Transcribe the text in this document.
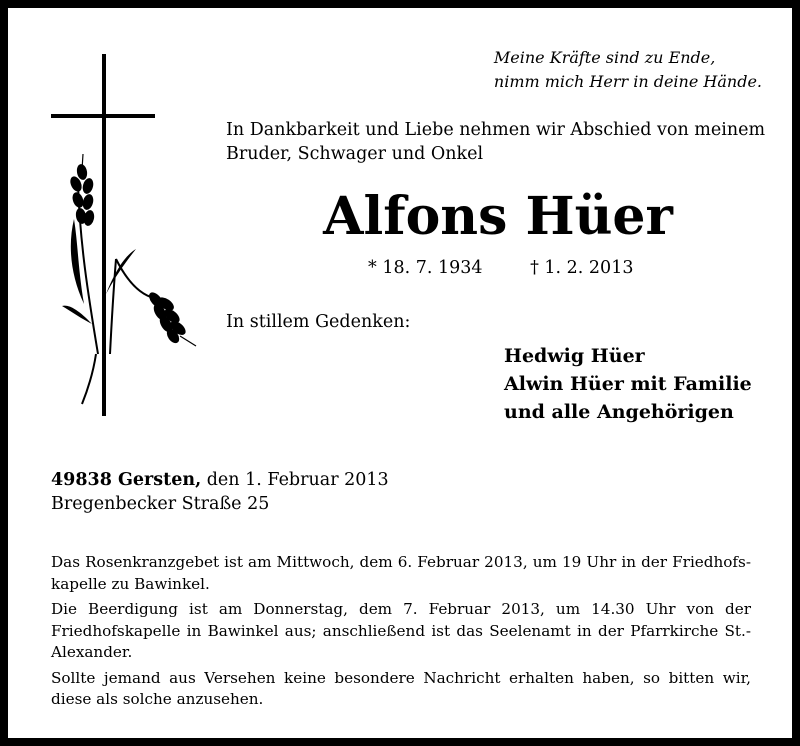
Meine Kräfte sind zu Ende,
nimm mich Herr in deine Hände.
In Dankbarkeit und Liebe nehmen wir Abschied von meinem
Bruder, Schwager und Onkel
Alfons Hüer
* 18. 7. 1934	† 1. 2. 2013
In stillem Gedenken:
Hedwig Hüer
Alwin Hüer mit Familie
und alle Angehörigen
49838 Gersten, den 1. Februar 2013
Bregenbecker Straße 25

Das Rosenkranzgebet ist am Mittwoch, dem 6. Februar 2013, um 19 Uhr in der Friedhofskapelle zu Bawinkel.

Die Beerdigung ist am Donnerstag, dem 7. Februar 2013, um 14.30 Uhr von der Friedhofskapelle in Bawinkel aus; anschließend ist das Seelenamt in der Pfarrkirche St.-Alexander.

Sollte jemand aus Versehen keine besondere Nachricht erhalten haben, so bitten wir, diese als solche anzusehen.
